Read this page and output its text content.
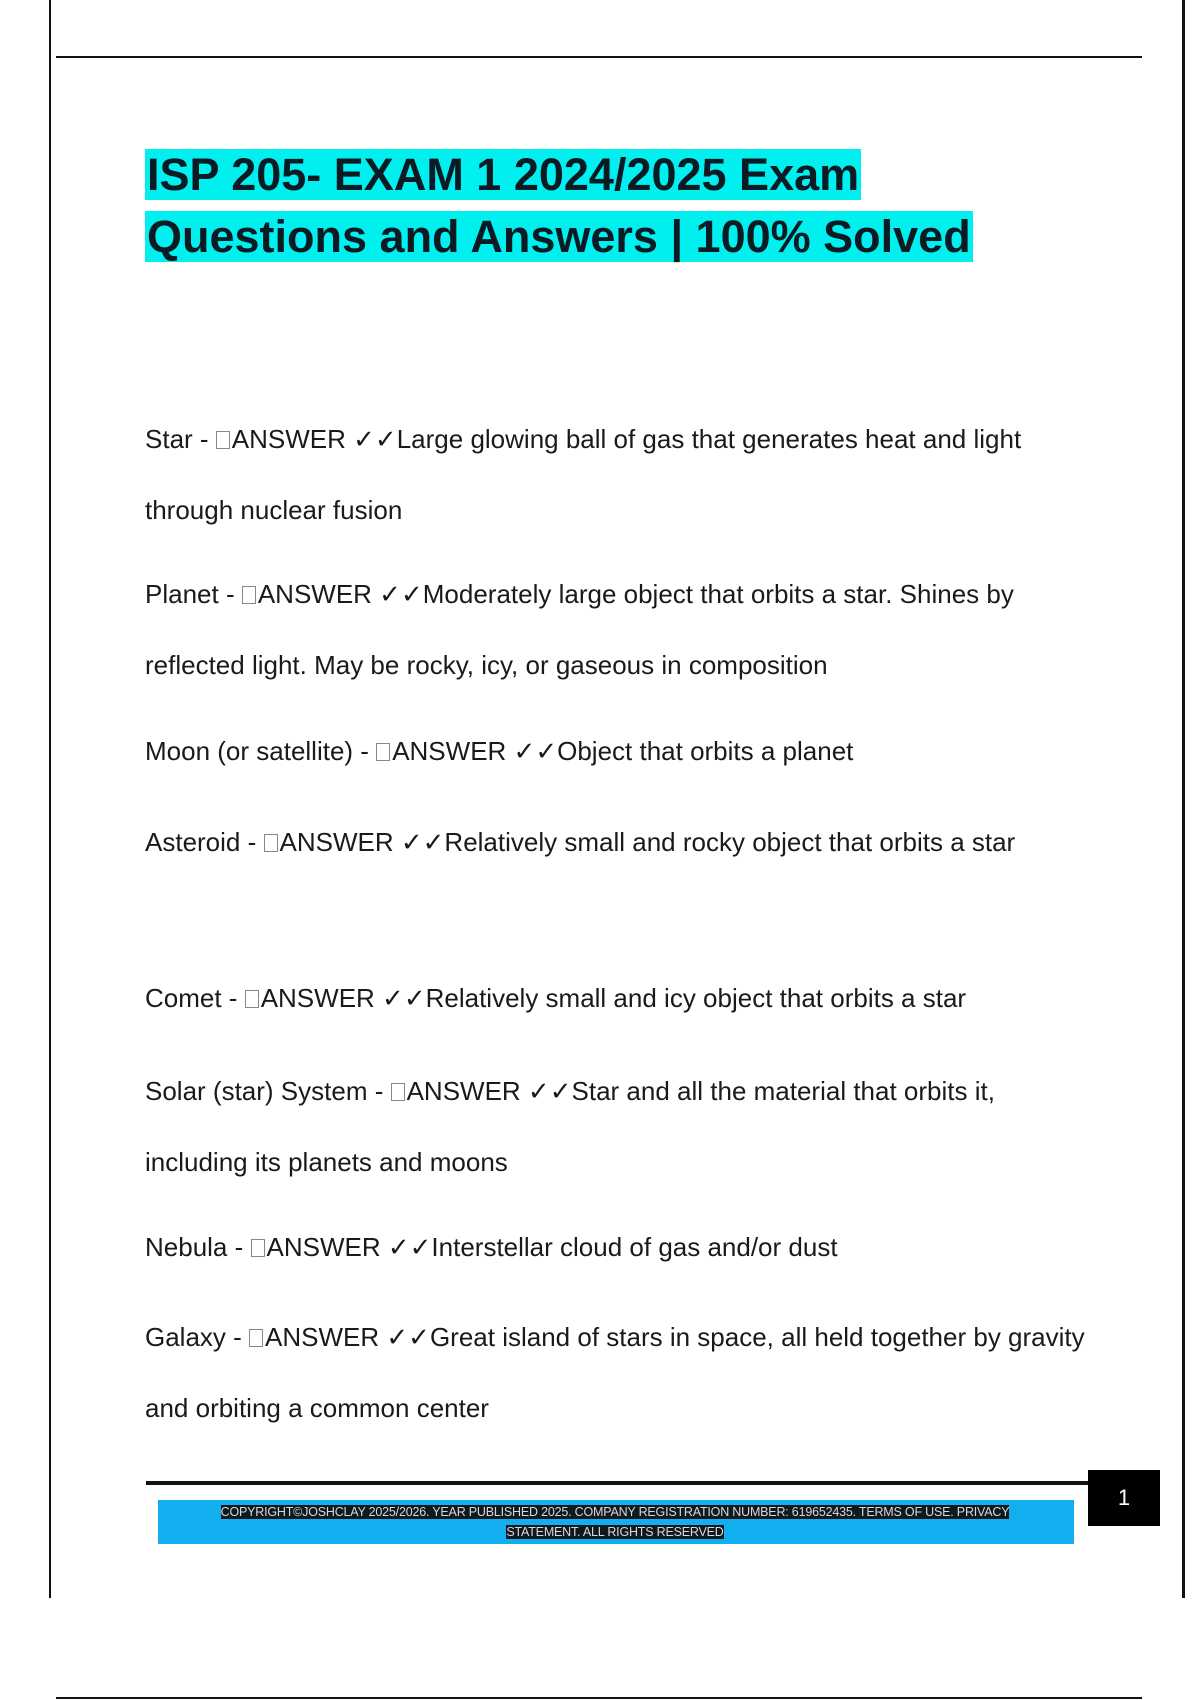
ISP 205- EXAM 1 2024/2025 Exam
Questions and Answers | 100% Solved
Star - ANSWER ✓✓Large glowing ball of gas that generates heat and light through nuclear fusion
Planet - ANSWER ✓✓Moderately large object that orbits a star. Shines by reflected light. May be rocky, icy, or gaseous in composition
Moon (or satellite) - ANSWER ✓✓Object that orbits a planet
Asteroid - ANSWER ✓✓Relatively small and rocky object that orbits a star
Comet - ANSWER ✓✓Relatively small and icy object that orbits a star
Solar (star) System - ANSWER ✓✓Star and all the material that orbits it, including its planets and moons
Nebula - ANSWER ✓✓Interstellar cloud of gas and/or dust
Galaxy - ANSWER ✓✓Great island of stars in space, all held together by gravity and orbiting a common center
1
COPYRIGHT©JOSHCLAY 2025/2026. YEAR PUBLISHED 2025. COMPANY REGISTRATION NUMBER: 619652435. TERMS OF USE. PRIVACY
STATEMENT. ALL RIGHTS RESERVED
